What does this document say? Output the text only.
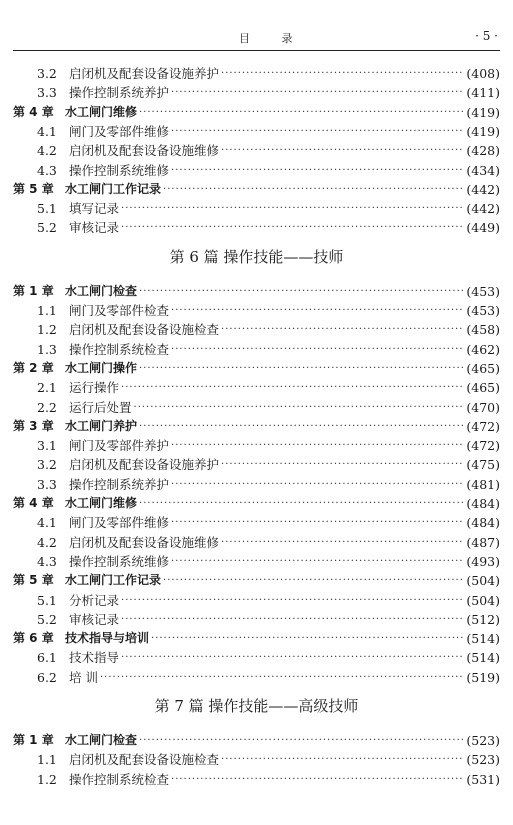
目 录	· 5 ·
3.2 启闭机及配套设备设施养护 ·····	(408)
3.3 操作控制系统养护 ·····	(411)
第 4 章 水工闸门维修 ·····	(419)
4.1 闸门及零部件维修 ·····	(419)
4.2 启闭机及配套设备设施维修 ·····	(428)
4.3 操作控制系统维修 ·····	(434)
第 5 章 水工闸门工作记录 ·····	(442)
5.1 填写记录 ·····	(442)
5.2 审核记录 ·····	(449)
第 6 篇 操作技能——技师
第 1 章 水工闸门检查 ·····	(453)
1.1 闸门及零部件检查 ·····	(453)
1.2 启闭机及配套设备设施检查 ·····	(458)
1.3 操作控制系统检查 ·····	(462)
第 2 章 水工闸门操作 ·····	(465)
2.1 运行操作 ·····	(465)
2.2 运行后处置 ·····	(470)
第 3 章 水工闸门养护 ·····	(472)
3.1 闸门及零部件养护 ·····	(472)
3.2 启闭机及配套设备设施养护 ·····	(475)
3.3 操作控制系统养护 ·····	(481)
第 4 章 水工闸门维修 ·····	(484)
4.1 闸门及零部件维修 ·····	(484)
4.2 启闭机及配套设备设施维修 ·····	(487)
4.3 操作控制系统维修 ·····	(493)
第 5 章 水工闸门工作记录 ·····	(504)
5.1 分析记录 ·····	(504)
5.2 审核记录 ·····	(512)
第 6 章 技术指导与培训 ·····	(514)
6.1 技术指导 ·····	(514)
6.2 培 训 ·····	(519)
第 7 篇 操作技能——高级技师
第 1 章 水工闸门检查 ·····	(523)
1.1 启闭机及配套设备设施检查 ·····	(523)
1.2 操作控制系统检查 ·····	(531)
